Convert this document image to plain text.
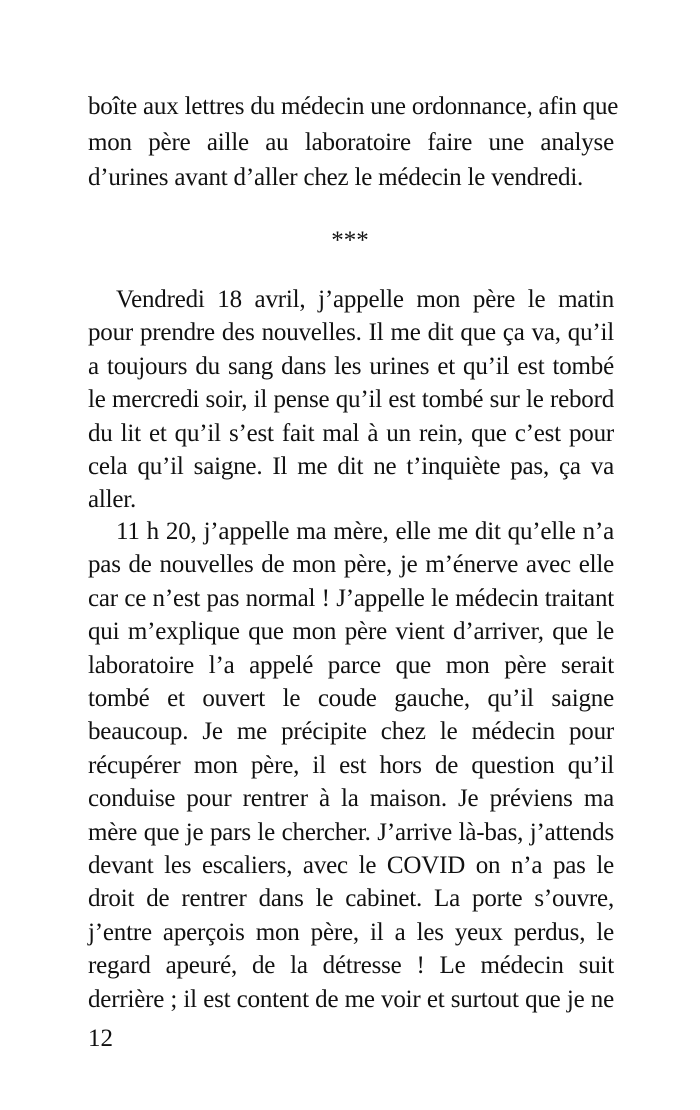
boîte aux lettres du médecin une ordonnance, afin que
mon père aille au laboratoire faire une analyse
d’urines avant d’aller chez le médecin le vendredi.
***
Vendredi 18 avril, j’appelle mon père le matin
pour prendre des nouvelles. Il me dit que ça va, qu’il
a toujours du sang dans les urines et qu’il est tombé
le mercredi soir, il pense qu’il est tombé sur le rebord
du lit et qu’il s’est fait mal à un rein, que c’est pour
cela qu’il saigne. Il me dit ne t’inquiète pas, ça va
aller.
11 h 20, j’appelle ma mère, elle me dit qu’elle n’a
pas de nouvelles de mon père, je m’énerve avec elle
car ce n’est pas normal ! J’appelle le médecin traitant
qui m’explique que mon père vient d’arriver, que le
laboratoire l’a appelé parce que mon père serait
tombé et ouvert le coude gauche, qu’il saigne
beaucoup. Je me précipite chez le médecin pour
récupérer mon père, il est hors de question qu’il
conduise pour rentrer à la maison. Je préviens ma
mère que je pars le chercher. J’arrive là-bas, j’attends
devant les escaliers, avec le COVID on n’a pas le
droit de rentrer dans le cabinet. La porte s’ouvre,
j’entre aperçois mon père, il a les yeux perdus, le
regard apeuré, de la détresse ! Le médecin suit
derrière ; il est content de me voir et surtout que je ne
12
